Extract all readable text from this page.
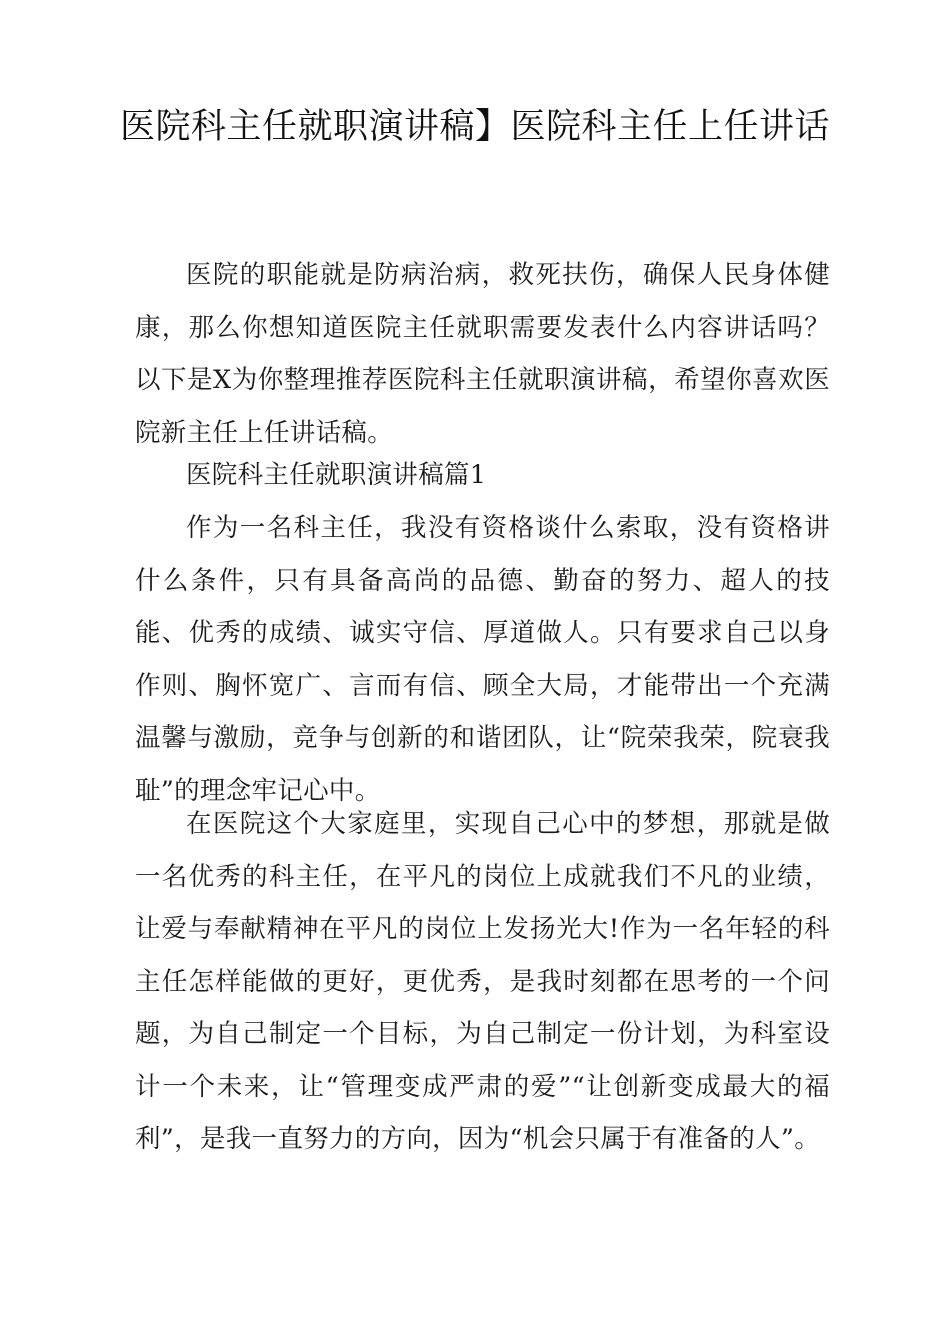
医院科主任就职演讲稿】医院科主任上任讲话

医院的职能就是防病治病，救死扶伤，确保人民身体健康，那么你想知道医院主任就职需要发表什么内容讲话吗？以下是X为你整理推荐医院科主任就职演讲稿，希望你喜欢医院新主任上任讲话稿。

医院科主任就职演讲稿篇1

作为一名科主任，我没有资格谈什么索取，没有资格讲什么条件，只有具备高尚的品德、勤奋的努力、超人的技能、优秀的成绩、诚实守信、厚道做人。只有要求自己以身作则、胸怀宽广、言而有信、顾全大局，才能带出一个充满温馨与激励，竞争与创新的和谐团队，让“院荣我荣，院衰我耻”的理念牢记心中。

在医院这个大家庭里，实现自己心中的梦想，那就是做一名优秀的科主任，在平凡的岗位上成就我们不凡的业绩，让爱与奉献精神在平凡的岗位上发扬光大!作为一名年轻的科主任怎样能做的更好，更优秀，是我时刻都在思考的一个问题，为自己制定一个目标，为自己制定一份计划，为科室设计一个未来，让“管理变成严肃的爱”“让创新变成最大的福利”，是我一直努力的方向，因为“机会只属于有准备的人”。
